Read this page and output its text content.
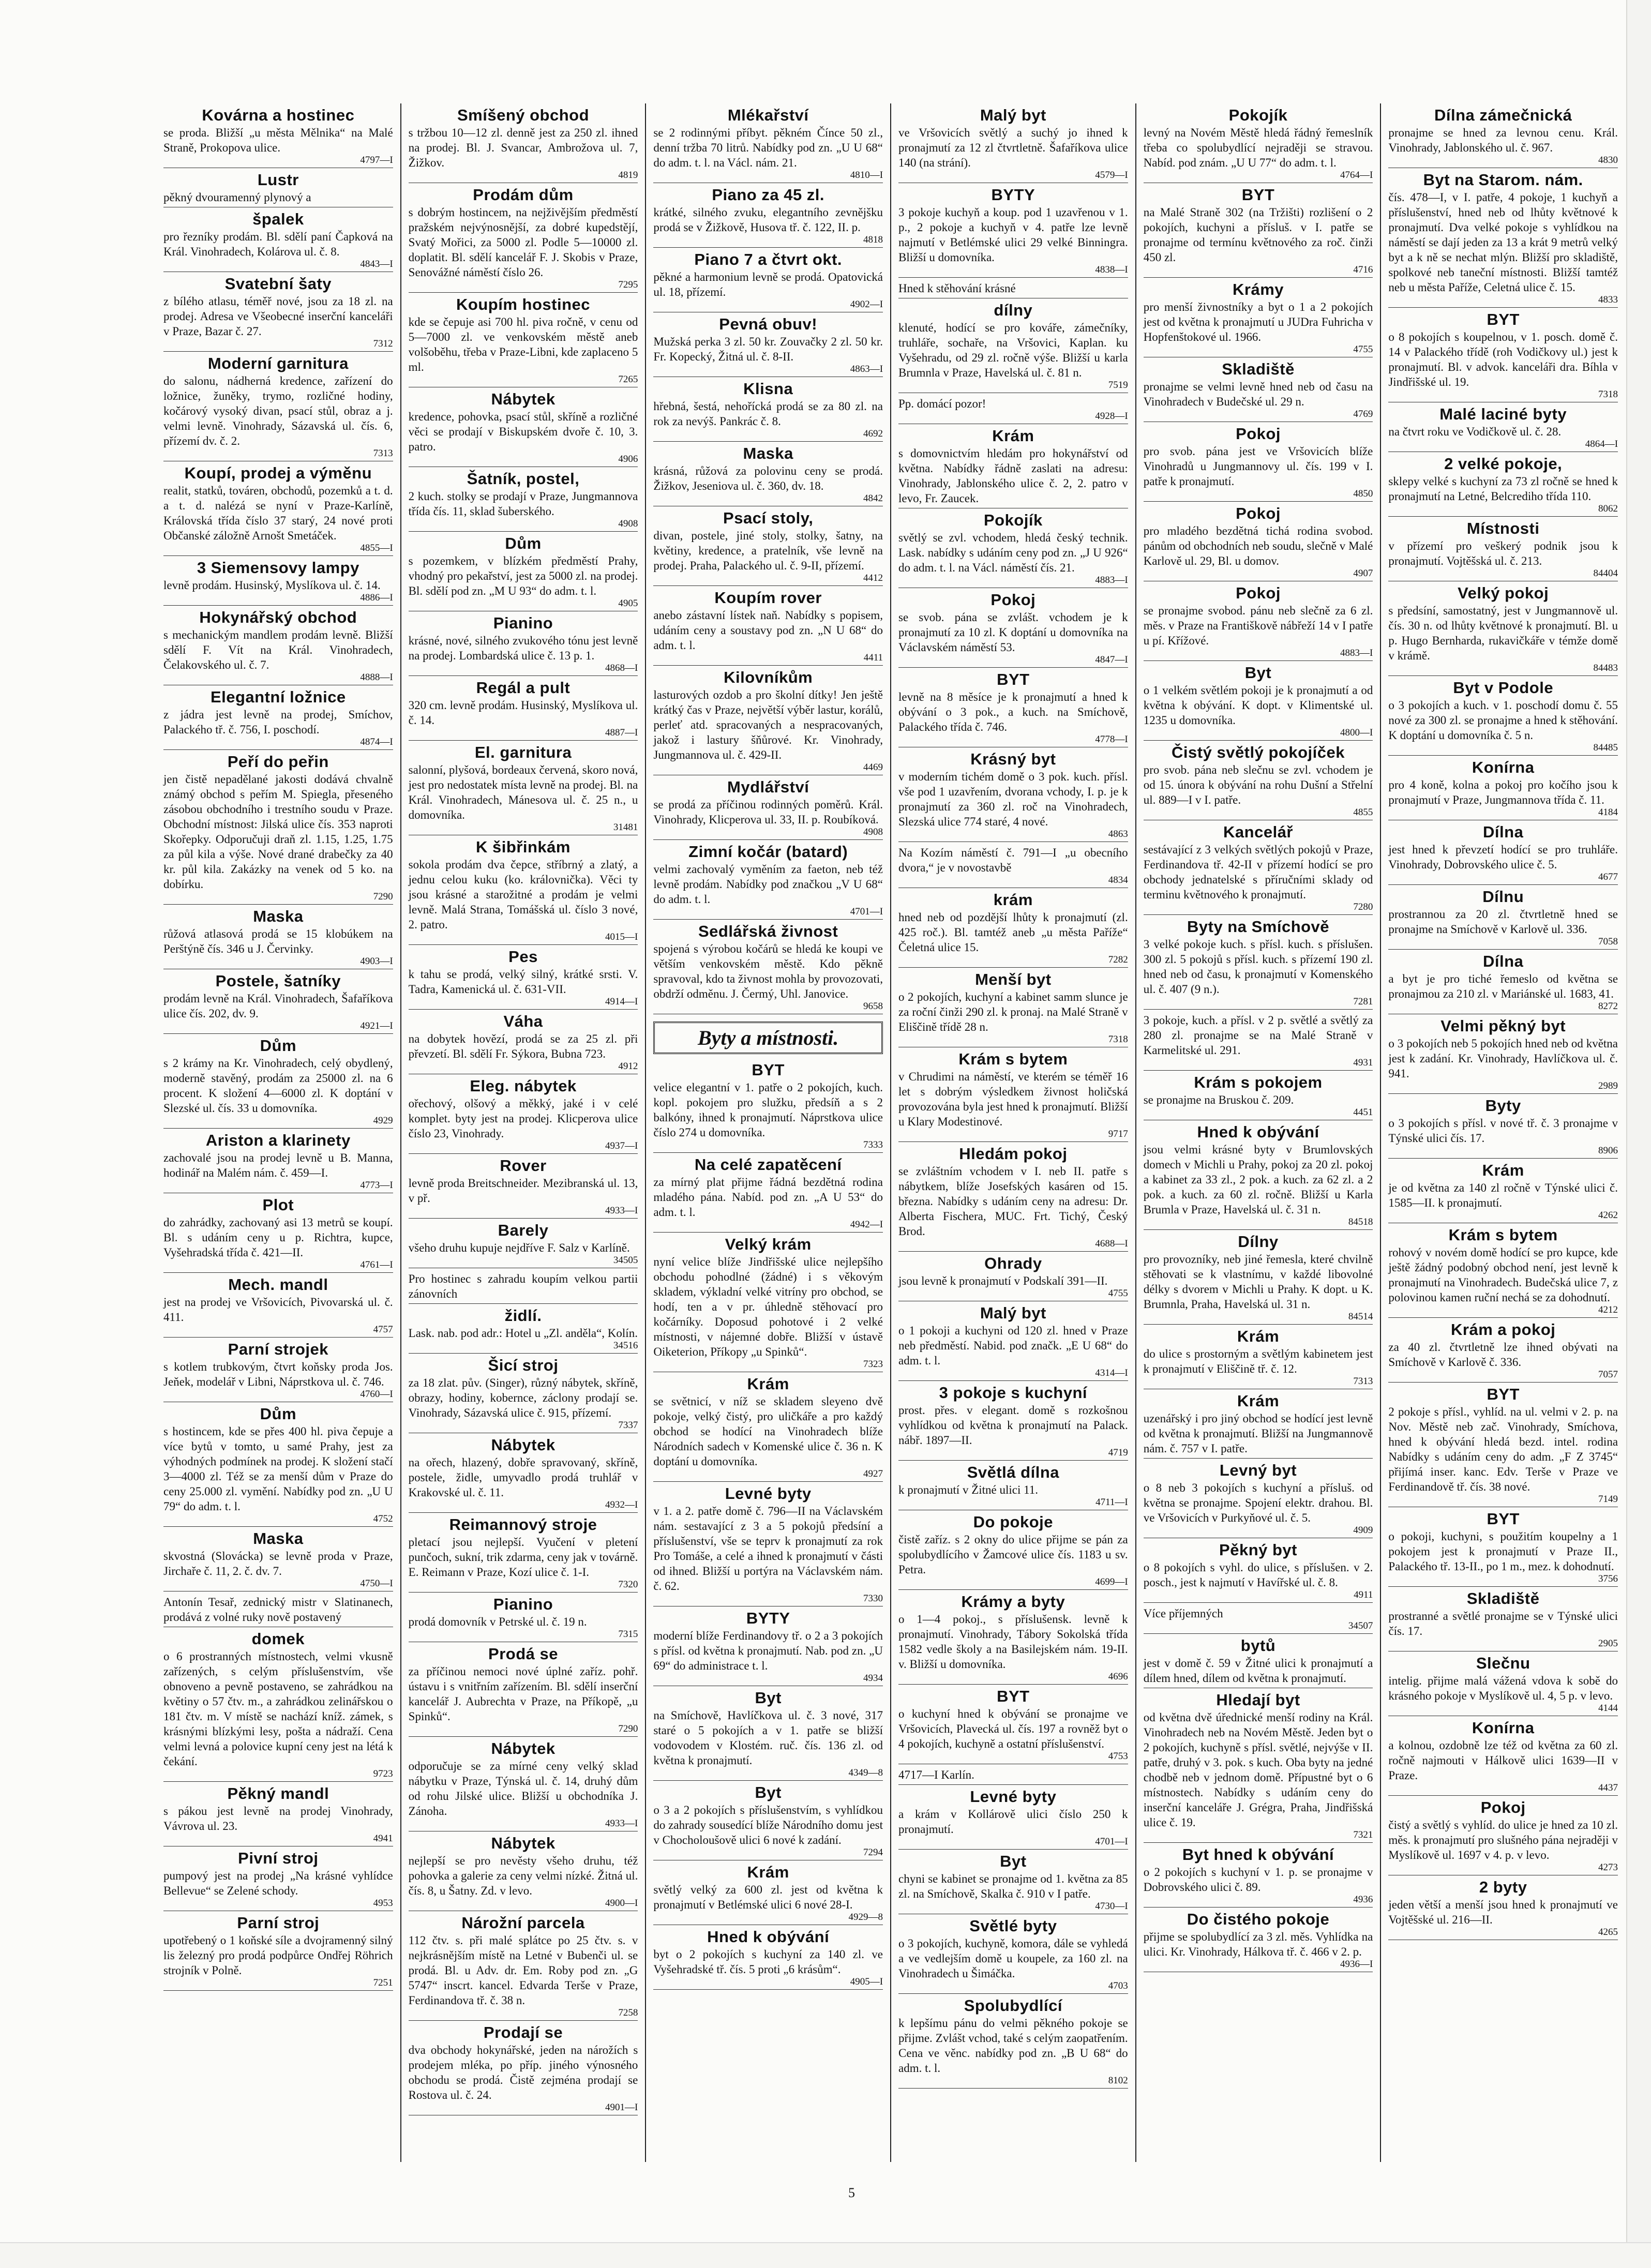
Kovárna a hostinec

se proda. Bližší „u města Mělnika“ na Malé Straně, Prokopova ulice.

4797—I
Lustr

pěkný dvouramenný plynový a

špalek

pro řezníky prodám. Bl. sdělí paní Čapková na Král. Vinohradech, Kolárova ul. č. 8.

4843—I
Svatební šaty

z bílého atlasu, téměř nové, jsou za 18 zl. na prodej. Adresa ve Všeobecné inserční kanceláři v Praze, Bazar č. 27.

7312
Moderní garnitura

do salonu, nádherná kredence, zařízení do ložnice, žuněky, trymo, rozličné hodiny, kočárový vysoký divan, psací stůl, obraz a j. velmi levně. Vinohrady, Sázavská ul. čís. 6, přízemí dv. č. 2.

7313
Koupí, prodej a výměnu

realit, statků, továren, obchodů, pozemků a t. d. a t. d. nalézá se nyní v Praze-Karlíně, Královská třída číslo 37 starý, 24 nové proti Občanské záložně Arnošt Smetáček.

4855—I
3 Siemensovy lampy

levně prodám. Husinský, Myslíkova ul. č. 14.

4886—I
Hokynářský obchod

s mechanickým mandlem prodám levně. Bližší sdělí F. Vít na Král. Vinohradech, Čelakovského ul. č. 7.

4888—I
Elegantní ložnice

z jádra jest levně na prodej, Smíchov, Palackého tř. č. 756, I. poschodí.

4874—I
Peří do peřin

jen čistě nepadělané jakosti dodává chvalně známý obchod s peřím M. Spiegla, přeseného zásobou obchodního i trestního soudu v Praze. Obchodní místnost: Jilská ulice čís. 353 naproti Skořepky. Odporučuji draň zl. 1.15, 1.25, 1.75 za půl kila a výše. Nové drané drabečky za 40 kr. půl kila. Zakázky na venek od 5 ko. na dobírku.

7290
Maska

růžová atlasová prodá se 15 klobúkem na Perštýně čís. 346 u J. Červinky.

4903—I
Postele, šatníky

prodám levně na Král. Vinohradech, Šafaříkova ulice čís. 202, dv. 9.

4921—I
Dům

s 2 krámy na Kr. Vinohradech, celý obydlený, moderně stavěný, prodám za 25000 zl. na 6 procent. K složení 4—6000 zl. K doptání v Slezské ul. čís. 33 u domovníka.

4929
Ariston a klarinety

zachovalé jsou na prodej levně u B. Manna, hodinář na Malém nám. č. 459—I.

4773—I
Plot

do zahrádky, zachovaný asi 13 metrů se koupí. Bl. s udáním ceny u p. Richtra, kupce, Vyšehradská třída č. 421—II.

4761—I
Mech. mandl

jest na prodej ve Vršovicích, Pivovarská ul. č. 411.

4757
Parní strojek

s kotlem trubkovým, čtvrt koňsky proda Jos. Jeňek, modelář v Libni, Náprstkova ul. č. 746.

4760—I
Dům

s hostincem, kde se přes 400 hl. piva čepuje a více bytů v tomto, u samé Prahy, jest za výhodných podmínek na prodej. K složení stačí 3—4000 zl. Též se za menší dům v Praze do ceny 25.000 zl. vymění. Nabídky pod zn. „U U 79“ do adm. t. l.

4752
Maska

skvostná (Slovácka) se levně proda v Praze, Jirchaře č. 11, 2. č. dv. 7.

4750—I

Antonín Tesař, zednický mistr v Slatinanech, prodává z volné ruky nově postavený

domek

o 6 prostranných místnostech, velmi vkusně zařízených, s celým příslušenstvím, vše obnoveno a pevně postaveno, se zahrádkou na květiny o 57 čtv. m., a zahrádkou zelinářskou o 181 čtv. m. V místě se nachází kníž. zámek, s krásnými blízkými lesy, pošta a nádraží. Cena velmi levná a polovice kupní ceny jest na létá k čekání.

9723
Pěkný mandl

s pákou jest levně na prodej Vinohrady, Vávrova ul. 23.

4941
Pivní stroj

pumpový jest na prodej „Na krásné vyhlídce Bellevue“ se Zelené schody.

4953
Parní stroj

upotřebený o 1 koňské síle a dvojramenný silný lis železný pro prodá podpůrce Ondřej Röhrich strojník v Polně.

7251
Smíšený obchod

s tržbou 10—12 zl. denně jest za 250 zl. ihned na prodej. Bl. J. Svancar, Ambrožova ul. 7, Žižkov.

4819
Prodám dům

s dobrým hostincem, na nejživějším předměstí pražském nejvýnosnější, za dobré kupedstějí, Svatý Mořici, za 5000 zl. Podle 5—10000 zl. doplatit. Bl. sdělí kancelář F. J. Skobis v Praze, Senovážné náměstí číslo 26.

7295
Koupím hostinec

kde se čepuje asi 700 hl. piva ročně, v cenu od 5—7000 zl. ve venkovském městě aneb volšoběhu, třeba v Praze-Libni, kde zaplaceno 5 ml.

7265
Nábytek

kredence, pohovka, psací stůl, skříně a rozličné věci se prodají v Biskupském dvoře č. 10, 3. patro.

4906
Šatník, postel,

2 kuch. stolky se prodají v Praze, Jungmannova třída čís. 11, sklad šuberského.

4908
Dům

s pozemkem, v blízkém předměstí Prahy, vhodný pro pekařství, jest za 5000 zl. na prodej. Bl. sdělí pod zn. „M U 93“ do adm. t. l.

4905
Pianino

krásné, nové, silného zvukového tónu jest levně na prodej. Lombardská ulice č. 13 p. 1.

4868—I
Regál a pult

320 cm. levně prodám. Husinský, Myslíkova ul. č. 14.

4887—I
El. garnitura

salonní, plyšová, bordeaux červená, skoro nová, jest pro nedostatek místa levně na prodej. Bl. na Král. Vinohradech, Mánesova ul. č. 25 n., u domovníka.

31481
K šibřinkám

sokola prodám dva čepce, stříbrný a zlatý, a jednu celou kuku (ko. královnička). Věci ty jsou krásné a starožitné a prodám je velmi levně. Malá Strana, Tomášská ul. číslo 3 nové, 2. patro.

4015—I
Pes

k tahu se prodá, velký silný, krátké srsti. V. Tadra, Kamenická ul. č. 631-VII.

4914—I
Váha

na dobytek hovězí, prodá se za 25 zl. při převzetí. Bl. sdělí Fr. Sýkora, Bubna 723.

4912
Eleg. nábytek

ořechový, olšový a měkký, jaké i v celé komplet. byty jest na prodej. Klicperova ulice číslo 23, Vinohrady.

4937—I
Rover

levně proda Breitschneider. Mezibranská ul. 13, v př.

4933—I
Barely

všeho druhu kupuje nejdříve F. Salz v Karlíně.

34505

Pro hostinec s zahradu koupím velkou partii zánovních

židlí.

Lask. nab. pod adr.: Hotel u „Zl. anděla“, Kolín.

34516
Šicí stroj

za 18 zlat. pův. (Singer), různý nábytek, skříně, obrazy, hodiny, kobernce, záclony prodají se. Vinohrady, Sázavská ulice č. 915, přízemí.

7337
Nábytek

na ořech, hlazený, dobře spravovaný, skříně, postele, židle, umyvadlo prodá truhlář v Krakovské ul. č. 11.

4932—I
Reimannový stroje

pletací jsou nejlepší. Vyučení v pletení punčoch, sukní, trik zdarma, ceny jak v továrně. E. Reimann v Praze, Kozí ulice č. 1-I.

7320
Pianino

prodá domovník v Petrské ul. č. 19 n.

7315
Prodá se

za příčinou nemoci nové úplné zaříz. pohř. ústavu i s vnitřním zařízením. Bl. sdělí inserční kancelář J. Aubrechta v Praze, na Příkopě, „u Spinků“.

7290
Nábytek

odporučuje se za mírné ceny velký sklad nábytku v Praze, Týnská ul. č. 14, druhý dům od rohu Jilské ulice. Bližší u obchodníka J. Zánoha.

4933—I
Nábytek

nejlepší se pro nevěsty všeho druhu, též pohovka a galerie za ceny velmi nízké. Žitná ul. čís. 8, u Šatny. Zd. v levo.

4900—I
Nárožní parcela

112 čtv. s. při malé splátce po 25 čtv. s. v nejkrásnějším místě na Letné v Bubenči ul. se prodá. Bl. u Adv. dr. Em. Roby pod zn. „G 5747“ inscrt. kancel. Edvarda Terše v Praze, Ferdinandova tř. č. 38 n.

7258
Prodají se

dva obchody hokynářské, jeden na nárožích s prodejem mléka, po příp. jiného výnosného obchodu se prodá. Čistě zejména prodají se Rostova ul. č. 24.

4901—I
Mlékařství

se 2 rodinnými příbyt. pěkném Čínce 50 zl., denní tržba 70 litrů. Nabídky pod zn. „U U 68“ do adm. t. l. na Václ. nám. 21.

4810—I
Piano za 45 zl.

krátké, silného zvuku, elegantního zevnějšku prodá se v Žižkově, Husova tř. č. 122, II. p.

4818
Piano 7 a čtvrt okt.

pěkné a harmonium levně se prodá. Opatovická ul. 18, přízemí.

4902—I
Pevná obuv!

Mužská perka 3 zl. 50 kr. Zouvačky 2 zl. 50 kr. Fr. Kopecký, Žitná ul. č. 8-II.

4863—I
Klisna

hřebná, šestá, nehořícká prodá se za 80 zl. na rok za nevýš. Pankrác č. 8.

4692
Maska

krásná, růžová za polovinu ceny se prodá. Žižkov, Jeseniova ul. č. 360, dv. 18.

4842
Psací stoly,

divan, postele, jiné stoly, stolky, šatny, na květiny, kredence, a pratelník, vše levně na prodej. Praha, Palackého ul. č. 9-II, přízemí.

4412
Koupím rover

anebo zástavní lístek naň. Nabídky s popisem, udáním ceny a soustavy pod zn. „N U 68“ do adm. t. l.

4411
Kilovníkům

lasturových ozdob a pro školní dítky! Jen ještě krátký čas v Praze, největší výběr lastur, korálů, perleť atd. spracovaných a nespracovaných, jakož i lastury šňůrové. Kr. Vinohrady, Jungmannova ul. č. 429-II.

4469
Mydlářství

se prodá za příčinou rodinných poměrů. Král. Vinohrady, Klicperova ul. 33, II. p. Roubíková.

4908
Zimní kočár (batard)

velmi zachovalý vyměním za faeton, neb též levně prodám. Nabídky pod značkou „V U 68“ do adm. t. l.

4701—I
Sedlářská živnost

spojená s výrobou kočárů se hledá ke koupi ve větším venkovském městě. Kdo pěkně spravoval, kdo ta živnost mohla by provozovati, obdrží odměnu. J. Čermý, Uhl. Janovice.

9658
Byty a místnosti.
BYT

velice elegantní v 1. patře o 2 pokojích, kuch. kopl. pokojem pro služku, předsíň a s 2 balkóny, ihned k pronajmutí. Náprstkova ulice číslo 274 u domovníka.

7333
Na celé zapatěcení

za mírný plat přijme řádná bezdětná rodina mladého pána. Nabíd. pod zn. „A U 53“ do adm. t. l.

4942—I
Velký krám

nyní velice blíže Jindřišské ulice nejlepšího obchodu pohodlné (žádné) i s věkovým skladem, výkladní velké vitríny pro obchod, se hodí, ten a v pr. úhledně stěhovací pro kočárníky. Doposud pohotové i 2 velké místnosti, v nájemné dobře. Bližší v ústavě Oiketerion, Příkopy „u Spinků“.

7323
Krám

se světnicí, v níž se skladem sleyeno dvě pokoje, velký čistý, pro uličkáře a pro každý obchod se hodící na Vinohradech blíže Národních sadech v Komenské ulice č. 36 n. K doptání u domovníka.

4927
Levné byty

v 1. a 2. patře domě č. 796—II na Václavském nám. sestavající z 3 a 5 pokojů předsíní a příslušenství, vše se teprv k pronajmutí za rok Pro Tomáše, a celé a ihned k pronajmutí v části od ihned. Bližší u portýra na Václavském nám. č. 62.

7330
BYTY

moderní blíže Ferdinandovy tř. o 2 a 3 pokojích s přísl. od května k pronajmutí. Nab. pod zn. „U 69“ do administrace t. l.

4934
Byt

na Smíchově, Havlíčkova ul. č. 3 nové, 317 staré o 5 pokojích a v 1. patře se bližší vodovodem v Klostém. ruč. čís. 136 zl. od května k pronajmutí.

4349—8
Byt

o 3 a 2 pokojích s příslušenstvím, s vyhlídkou do zahrady sousedící blíže Národního domu jest v Chocholoušově ulici 6 nové k zadání.

7294
Krám

světlý velký za 600 zl. jest od května k pronajmutí v Betlémské ulici 6 nové 28-I.

4929—8
Hned k obývání

byt o 2 pokojích s kuchyní za 140 zl. ve Vyšehradské tř. čís. 5 proti „6 krásům“.

4905—I
Malý byt

ve Vršovicích světlý a suchý jo ihned k pronajmutí za 12 zl čtvrtletně. Šafaříkova ulice 140 (na strání).

4579—I
BYTY

3 pokoje kuchyň a koup. pod 1 uzavřenou v 1. p., 2 pokoje a kuchyň v 4. patře lze levně najmutí v Betlémské ulici 29 velké Binningra. Bližší u domovníka.

4838—I

Hned k stěhování krásné

dílny

klenuté, hodící se pro kováře, zámečníky, truhláře, sochaře, na Vršovici, Kaplan. ku Vyšehradu, od 29 zl. ročně výše. Bližší u karla Brumnla v Praze, Havelská ul. č. 81 n.

7519

Pp. domácí pozor!

4928—I
Krám

s domovnictvím hledám pro hokynářství od května. Nabídky řádně zaslati na adresu: Vinohrady, Jablonského ulice č. 2, 2. patro v levo, Fr. Zaucek.

Pokojík

světlý se zvl. vchodem, hledá český technik. Lask. nabídky s udáním ceny pod zn. „J U 926“ do adm. t. l. na Václ. náměstí čís. 21.

4883—I
Pokoj

se svob. pána se zvlášt. vchodem je k pronajmutí za 10 zl. K doptání u domovníka na Václavském náměstí 53.

4847—I
BYT

levně na 8 měsíce je k pronajmutí a hned k obývání o 3 pok., a kuch. na Smíchově, Palackého třída č. 746.

4778—I
Krásný byt

v moderním tichém domě o 3 pok. kuch. přísl. vše pod 1 uzavřením, dvorana vchody, I. p. je k pronajmutí za 360 zl. roč na Vinohradech, Slezská ulice 774 staré, 4 nové.

4863

Na Kozím náměstí č. 791—I „u obecního dvora,“ je v novostavbě

4834
krám

hned neb od pozdější lhůty k pronajmutí (zl. 425 roč.). Bl. tamtéž aneb „u města Paříže“ Čeletná ulice 15.

7282
Menší byt

o 2 pokojích, kuchyní a kabinet samm slunce je za roční činži 290 zl. k pronaj. na Malé Straně v Eliščině třídě 28 n.

7318
Krám s bytem

v Chrudimi na náměstí, ve kterém se téměř 16 let s dobrým výsledkem živnost holičská provozována byla jest hned k pronajmutí. Bližší u Klary Modestinové.

9717
Hledám pokoj

se zvláštním vchodem v I. neb II. patře s nábytkem, blíže Josefských kasáren od 15. března. Nabídky s udáním ceny na adresu: Dr. Alberta Fischera, MUC. Frt. Tichý, Český Brod.

4688—I
Ohrady

jsou levně k pronajmutí v Podskalí 391—II.

4755
Malý byt

o 1 pokoji a kuchyni od 120 zl. hned v Praze neb předměstí. Nabid. pod značk. „E U 68“ do adm. t. l.

4314—I
3 pokoje s kuchyní

prost. přes. v elegant. domě s rozkošnou vyhlídkou od května k pronajmutí na Palack. nábř. 1897—II.

4719
Světlá dílna

k pronajmutí v Žitné ulici 11.

4711—I
Do pokoje

čistě zaříz. s 2 okny do ulice přijme se pán za spolubydlícího v Žamcové ulice čís. 1183 u sv. Petra.

4699—I
Krámy a byty

o 1—4 pokoj., s příslušensk. levně k pronajmutí. Vinohrady, Tábory Sokolská třída 1582 vedle školy a na Basilejském nám. 19-II. v. Bližší u domovníka.

4696
BYT

o kuchyní hned k obývání se pronajme ve Vršovicích, Plavecká ul. čís. 197 a rovněž byt o 4 pokojích, kuchyně a ostatní příslušenství.

4753

4717—I Karlín.

Levné byty

a krám v Kollárově ulici číslo 250 k pronajmutí.

4701—I
Byt

chyni se kabinet se pronajme od 1. května za 85 zl. na Smíchově, Skalka č. 910 v I patře.

4730—I
Světlé byty

o 3 pokojích, kuchyně, komora, dále se vyhledá a ve vedlejším domě u koupele, za 160 zl. na Vinohradech u Šimáčka.

4703
Spolubydlící

k lepšímu pánu do velmi pěkného pokoje se přijme. Zvlášt vchod, také s celým zaopatřením. Cena ve věnc. nabídky pod zn. „B U 68“ do adm. t. l.

8102
Pokojík

levný na Novém Městě hledá řádný řemeslník třeba co spolubydlící nejraději se stravou. Nabíd. pod znám. „U U 77“ do adm. t. l.

4764—I
BYT

na Malé Straně 302 (na Tržišti) rozlišení o 2 pokojích, kuchyni a přísluš. v I. patře se pronajme od termínu květnového za roč. činži 450 zl.

4716
Krámy

pro menší živnostníky a byt o 1 a 2 pokojích jest od května k pronajmutí u JUDra Fuhricha v Hopfenštokové ul. 1966.

4755
Skladiště

pronajme se velmi levně hned neb od času na Vinohradech v Budečské ul. 29 n.

4769
Pokoj

pro svob. pána jest ve Vršovicích blíže Vinohradů u Jungmannovy ul. čís. 199 v I. patře k pronajmutí.

4850
Pokoj

pro mladého bezdětná tichá rodina svobod. pánům od obchodních neb soudu, slečně v Malé Karlově ul. 29, Bl. u domov.

4907
Pokoj

se pronajme svobod. pánu neb slečně za 6 zl. měs. v Praze na Františkově nábřeží 14 v I patře u pí. Křížové.

4883—I
Byt

o 1 velkém světlém pokoji je k pronajmutí a od května k obývání. K dopt. v Klimentské ul. 1235 u domovníka.

4800—I
Čistý světlý pokojíček

pro svob. pána neb slečnu se zvl. vchodem je od 15. února k obývání na rohu Dušní a Střelní ul. 889—I v I. patře.

4855
Kancelář

sestávající z 3 velkých světlých pokojů v Praze, Ferdinandova tř. 42-II v přízemí hodící se pro obchody jednatelské s příručními sklady od terminu květnového k pronajmutí.

7280
Byty na Smíchově

3 velké pokoje kuch. s přísl. kuch. s příslušen. 300 zl. 5 pokojů s přísl. kuch. s přízemí 190 zl. hned neb od času, k pronajmutí v Komenského ul. č. 407 (9 n.).

7281

3 pokoje, kuch. a přísl. v 2 p. světlé a světlý za 280 zl. pronajme se na Malé Straně v Karmelitské ul. 291.

4931
Krám s pokojem

se pronajme na Bruskou č. 209.

4451
Hned k obývání

jsou velmi krásné byty v Brumlovských domech v Michli u Prahy, pokoj za 20 zl. pokoj a kabinet za 33 zl., 2 pok. a kuch. za 62 zl. a 2 pok. a kuch. za 60 zl. ročně. Bližší u Karla Brumla v Praze, Havelská ul. č. 31 n.

84518
Dílny

pro provozníky, neb jiné řemesla, které chvilně stěhovati se k vlastnímu, v každé libovolné délky s dvorem v Michli u Prahy. K dopt. u K. Brumnla, Praha, Havelská ul. 31 n.

84514
Krám

do ulice s prostorným a světlým kabinetem jest k pronajmutí v Eliščině tř. č. 12.

7313
Krám

uzenářský i pro jiný obchod se hodící jest levně od května k pronajmutí. Bližší na Jungmannově nám. č. 757 v I. patře.

Levný byt

o 8 neb 3 pokojích s kuchyní a přísluš. od května se pronajme. Spojení elektr. drahou. Bl. ve Vršovicích v Purkyňové ul. č. 5.

4909
Pěkný byt

o 8 pokojích s vyhl. do ulice, s příslušen. v 2. posch., jest k najmutí v Havířské ul. č. 8.

4911

Více příjemných

34507
bytů

jest v domě č. 59 v Žitné ulici k pronajmutí a dílem hned, dílem od května k pronajmutí.

Hledají byt

od května dvě úřednické menší rodiny na Král. Vinohradech neb na Novém Městě. Jeden byt o 2 pokojích, kuchyně s přísl. světlé, nejvýše v II. patře, druhý v 3. pok. s kuch. Oba byty na jedné chodbě neb v jednom domě. Přípustné byt o 6 místnostech. Nabídky s udáním ceny do inserční kanceláře J. Grégra, Praha, Jindřišská ulice č. 19.

7321
Byt hned k obývání

o 2 pokojích s kuchyní v 1. p. se pronajme v Dobrovského ulici č. 89.

4936
Do čistého pokoje

přijme se spolubydlící za 3 zl. měs. Vyhlídka na ulici. Kr. Vinohrady, Hálkova tř. č. 466 v 2. p.

4936—I
Dílna zámečnická

pronajme se hned za levnou cenu. Král. Vinohrady, Jablonského ul. č. 967.

4830
Byt na Starom. nám.

čís. 478—I, v I. patře, 4 pokoje, 1 kuchyň a příslušenství, hned neb od lhůty květnové k pronajmutí. Dva velké pokoje s vyhlídkou na náměstí se dají jeden za 13 a krát 9 metrů velký byt a k ně se nechat mlýn. Bližší pro skladiště, spolkové neb taneční místnosti. Bližší tamtéž neb u města Paříže, Celetná ulice č. 15.

4833
BYT

o 8 pokojích s koupelnou, v 1. posch. domě č. 14 v Palackého třídě (roh Vodičkovy ul.) jest k pronajmutí. Bl. v advok. kanceláři dra. Bíhla v Jindřišské ul. 19.

7318
Malé laciné byty

na čtvrt roku ve Vodičkově ul. č. 28.

4864—I
2 velké pokoje,

sklepy velké s kuchyní za 73 zl ročně se hned k pronajmutí na Letné, Belcrediho třída 110.

8062
Místnosti

v přízemí pro veškerý podnik jsou k pronajmutí. Vojtěšská ul. č. 213.

84404
Velký pokoj

s předsíní, samostatný, jest v Jungmannově ul. čís. 30 n. od lhůty květnové k pronajmutí. Bl. u p. Hugo Bernharda, rukavičkáře v témže domě v krámě.

84483
Byt v Podole

o 3 pokojích a kuch. v 1. poschodí domu č. 55 nové za 300 zl. se pronajme a hned k stěhování. K doptání u domovníka č. 5 n.

84485
Konírna

pro 4 koně, kolna a pokoj pro kočího jsou k pronajmutí v Praze, Jungmannova třída č. 11.

4184
Dílna

jest hned k převzetí hodící se pro truhláře. Vinohrady, Dobrovského ulice č. 5.

4677
Dílnu

prostrannou za 20 zl. čtvrtletně hned se pronajme na Smíchově v Karlově ul. 336.

7058
Dílna

a byt je pro tiché řemeslo od května se pronajmou za 210 zl. v Mariánské ul. 1683, 41.

8272
Velmi pěkný byt

o 3 pokojích neb 5 pokojích hned neb od května jest k zadání. Kr. Vinohrady, Havlíčkova ul. č. 941.

2989
Byty

o 3 pokojích s přísl. v nové tř. č. 3 pronajme v Týnské ulici čís. 17.

8906
Krám

je od května za 140 zl ročně v Týnské ulici č. 1585—II. k pronajmutí.

4262
Krám s bytem

rohový v novém domě hodící se pro kupce, kde ještě žádný podobný obchod není, jest levně k pronajmutí na Vinohradech. Budečská ulice 7, z polovinou kamen ruční nechá se za dohodnutí.

4212
Krám a pokoj

za 40 zl. čtvrtletně lze ihned obývati na Smíchově v Karlově č. 336.

7057
BYT

2 pokoje s přísl., vyhlíd. na ul. velmi v 2. p. na Nov. Městě neb zač. Vinohrady, Smíchova, hned k obývání hledá bezd. intel. rodina Nabídky s udáním ceny do adm. „F Z 3745“ přijímá inser. kanc. Edv. Terše v Praze ve Ferdinandově tř. čís. 38 nové.

7149
BYT

o pokoji, kuchyni, s použitím koupelny a 1 pokojem jest k pronajmutí v Praze II., Palackého tř. 13-II., po 1 m., mez. k dohodnutí.

3756
Skladiště

prostranné a světlé pronajme se v Týnské ulici čís. 17.

2905
Slečnu

intelig. přijme malá vážená vdova k sobě do krásného pokoje v Myslíkově ul. 4, 5 p. v levo.

4144
Konírna

a kolnou, ozdobně lze též od května za 60 zl. ročně najmouti v Hálkově ulici 1639—II v Praze.

4437
Pokoj

čistý a světlý s vyhlíd. do ulice je hned za 10 zl. měs. k pronajmutí pro slušného pána nejraději v Myslíkově ul. 1697 v 4. p. v levo.

4273
2 byty

jeden větší a menší jsou hned k pronajmutí ve Vojtěšské ul. 216—II.

4265
5
